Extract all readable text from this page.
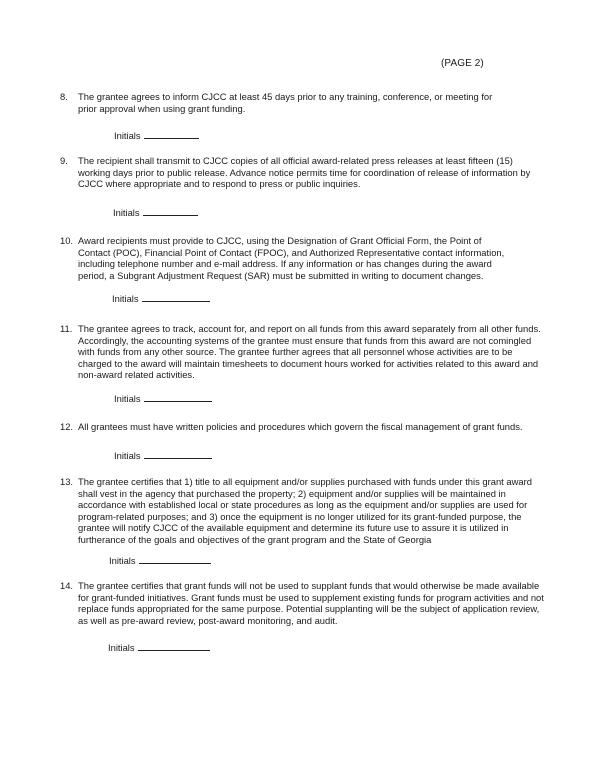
(PAGE 2)
8. The grantee agrees to inform CJCC at least 45 days prior to any training, conference, or meeting for prior approval when using grant funding.
Initials
9. The recipient shall transmit to CJCC copies of all official award-related press releases at least fifteen (15) working days prior to public release. Advance notice permits time for coordination of release of information by CJCC where appropriate and to respond to press or public inquiries.
Initials
10. Award recipients must provide to CJCC, using the Designation of Grant Official Form, the Point of Contact (POC), Financial Point of Contact (FPOC), and Authorized Representative contact information, including telephone number and e-mail address. If any information or has changes during the award period, a Subgrant Adjustment Request (SAR) must be submitted in writing to document changes.
Initials
11. The grantee agrees to track, account for, and report on all funds from this award separately from all other funds. Accordingly, the accounting systems of the grantee must ensure that funds from this award are not comingled with funds from any other source. The grantee further agrees that all personnel whose activities are to be charged to the award will maintain timesheets to document hours worked for activities related to this award and non-award related activities.
Initials
12. All grantees must have written policies and procedures which govern the fiscal management of grant funds.
Initials
13. The grantee certifies that 1) title to all equipment and/or supplies purchased with funds under this grant award shall vest in the agency that purchased the property; 2) equipment and/or supplies will be maintained in accordance with established local or state procedures as long as the equipment and/or supplies are used for program-related purposes; and 3) once the equipment is no longer utilized for its grant-funded purpose, the grantee will notify CJCC of the available equipment and determine its future use to assure it is utilized in furtherance of the goals and objectives of the grant program and the State of Georgia
Initials
14. The grantee certifies that grant funds will not be used to supplant funds that would otherwise be made available for grant-funded initiatives. Grant funds must be used to supplement existing funds for program activities and not replace funds appropriated for the same purpose. Potential supplanting will be the subject of application review, as well as pre-award review, post-award monitoring, and audit.
Initials
